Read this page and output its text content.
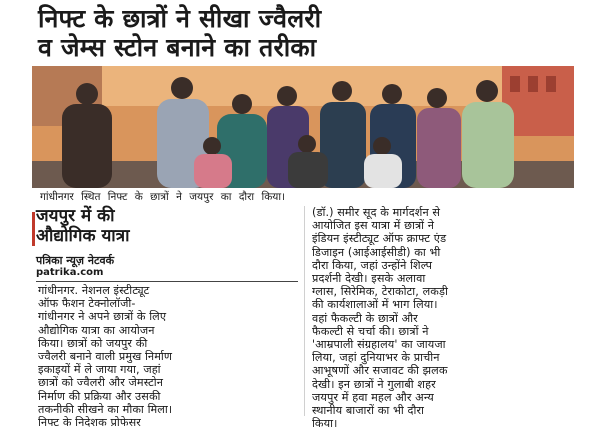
निफ्ट के छात्रों ने सीखा ज्वैलरी
व जेम्स स्टोन बनाने का तरीका
गांधीनगर स्थित निफ्ट के छात्रों ने जयपुर का दौरा किया।
जयपुर में की
औद्योगिक यात्रा
पत्रिका न्यूज़ नेटवर्क
patrika.com
गांधीनगर. नेशनल इंस्टीट्यूट
ऑफ फैशन टेक्नोलॉजी-
गांधीनगर ने अपने छात्रों के लिए
औद्योगिक यात्रा का आयोजन
किया। छात्रों को जयपुर की
ज्वैलरी बनाने वाली प्रमुख निर्माण
इकाइयों में ले जाया गया, जहां
छात्रों को ज्वैलरी और जेमस्टोन
निर्माण की प्रक्रिया और उसकी
तकनीकी सीखने का मौका मिला।
निफ्ट के निदेशक प्रोफेसर
(डॉ.) समीर सूद के मार्गदर्शन से
आयोजित इस यात्रा में छात्रों ने
इंडियन इंस्टीट्यूट ऑफ क्राफ्ट एंड
डिजाइन (आईआईसीडी) का भी
दौरा किया, जहां उन्होंने शिल्प
प्रदर्शनी देखी। इसके अलावा
ग्लास, सिरेमिक, टेराकोटा, लकड़ी
की कार्यशालाओं में भाग लिया।
वहां फैकल्टी के छात्रों और
फैकल्टी से चर्चा की। छात्रों ने
'आम्रपाली संग्रहालय' का जायजा
लिया, जहां दुनियाभर के प्राचीन
आभूषणों और सजावट की झलक
देखी। इन छात्रों ने गुलाबी शहर
जयपुर में हवा महल और अन्य
स्थानीय बाजारों का भी दौरा
किया।
